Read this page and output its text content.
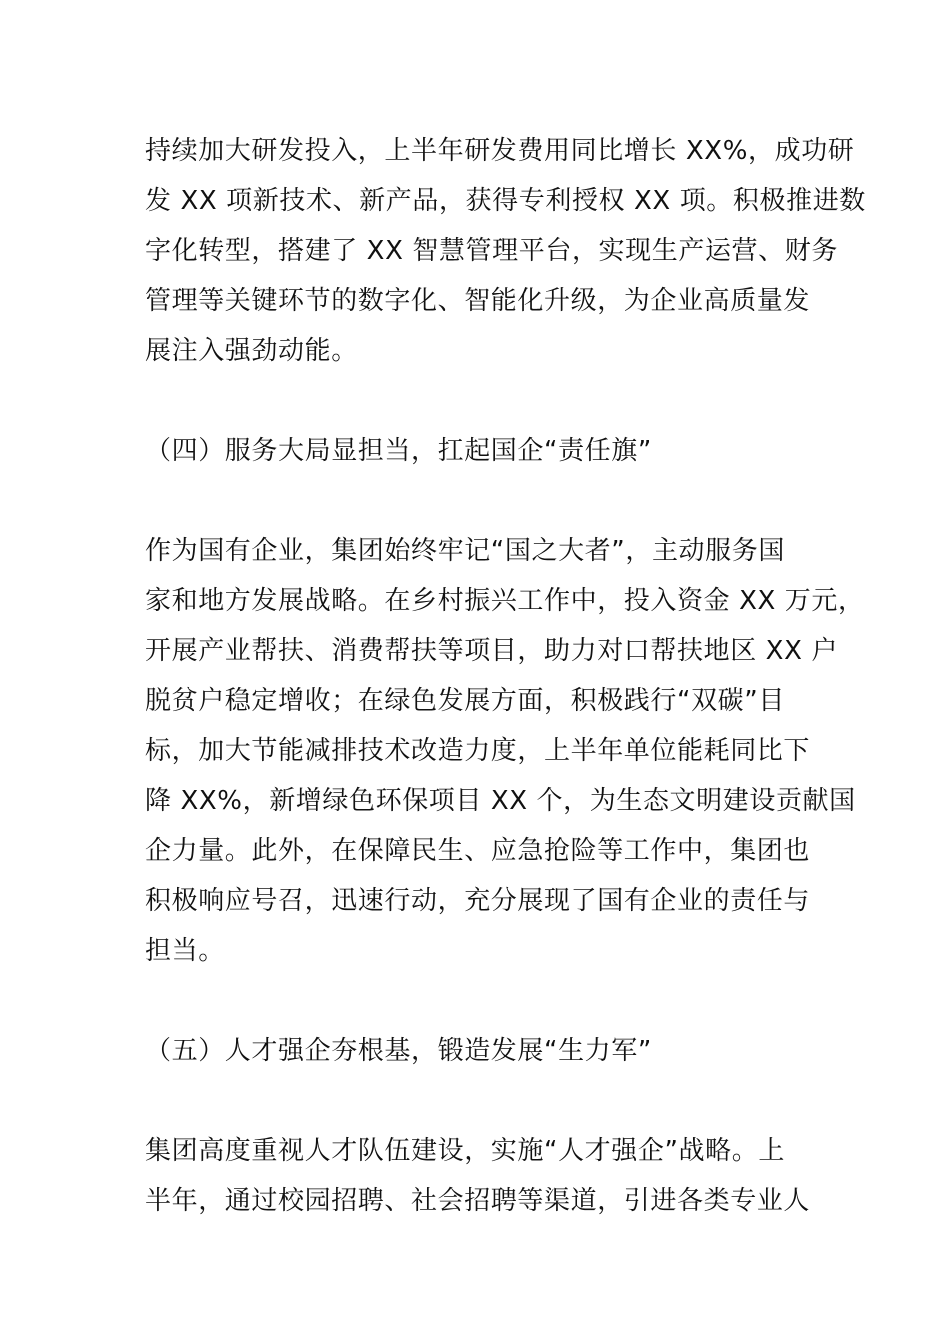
持续加大研发投入，上半年研发费用同比增长 XX%，成功研
发 XX 项新技术、新产品，获得专利授权 XX 项。积极推进数
字化转型，搭建了 XX 智慧管理平台，实现生产运营、财务
管理等关键环节的数字化、智能化升级，为企业高质量发
展注入强劲动能。
（四）服务大局显担当，扛起国企“责任旗”
作为国有企业，集团始终牢记“国之大者”，主动服务国
家和地方发展战略。在乡村振兴工作中，投入资金 XX 万元，
开展产业帮扶、消费帮扶等项目，助力对口帮扶地区 XX 户
脱贫户稳定增收；在绿色发展方面，积极践行“双碳”目
标，加大节能减排技术改造力度，上半年单位能耗同比下
降 XX%，新增绿色环保项目 XX 个，为生态文明建设贡献国
企力量。此外，在保障民生、应急抢险等工作中，集团也
积极响应号召，迅速行动，充分展现了国有企业的责任与
担当。
（五）人才强企夯根基，锻造发展“生力军”
集团高度重视人才队伍建设，实施“人才强企”战略。上
半年，通过校园招聘、社会招聘等渠道，引进各类专业人
